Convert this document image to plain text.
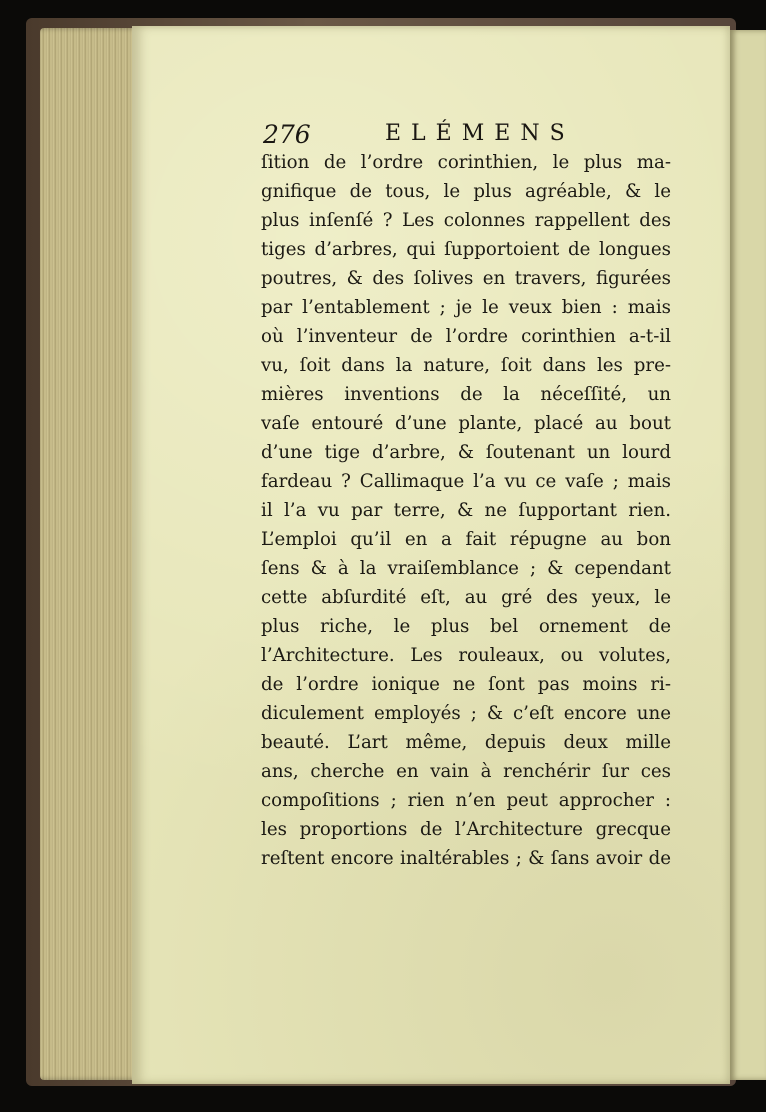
276	ELÉMENS
ſition de l’ordre corinthien, le plus ma-
gnifique de tous, le plus agréable, & le
plus inſenſé ? Les colonnes rappellent des
tiges d’arbres, qui ſupportoient de longues
poutres, & des ſolives en travers, figurées
par l’entablement ; je le veux bien : mais
où l’inventeur de l’ordre corinthien a-t-il
vu, ſoit dans la nature, ſoit dans les pre-
mières inventions de la néceſſité, un
vaſe entouré d’une plante, placé au bout
d’une tige d’arbre, & ſoutenant un lourd
fardeau ? Callimaque l’a vu ce vaſe ; mais
il l’a vu par terre, & ne ſupportant rien.
L’emploi qu’il en a fait répugne au bon
ſens & à la vraiſemblance ; & cependant
cette abſurdité eſt, au gré des yeux, le
plus riche, le plus bel ornement de
l’Architecture. Les rouleaux, ou volutes,
de l’ordre ionique ne ſont pas moins ri-
diculement employés ; & c’eſt encore une
beauté. L’art même, depuis deux mille
ans, cherche en vain à renchérir ſur ces
compoſitions ; rien n’en peut approcher :
les proportions de l’Architecture grecque
reſtent encore inaltérables ; & ſans avoir de
